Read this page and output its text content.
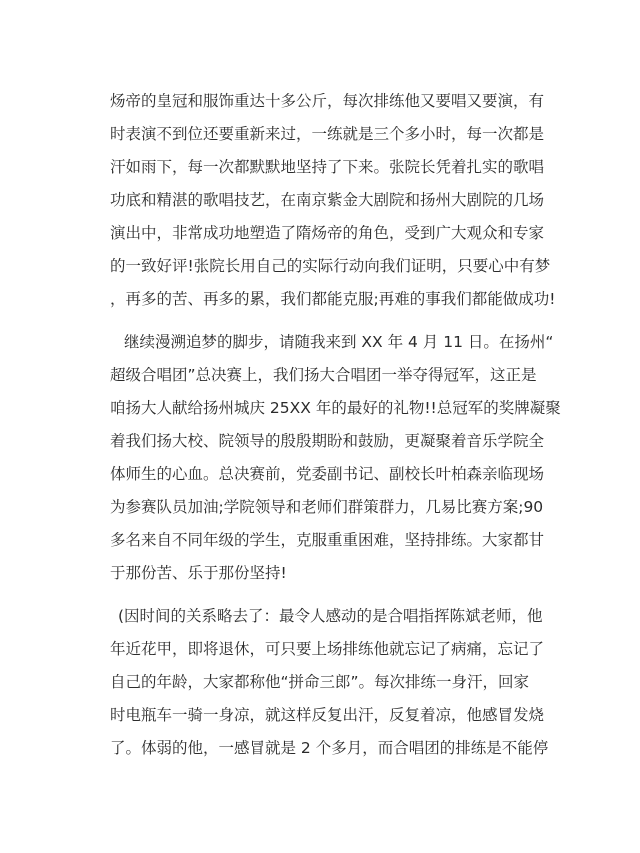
炀帝的皇冠和服饰重达十多公斤，每次排练他又要唱又要演，有
时表演不到位还要重新来过，一练就是三个多小时，每一次都是
汗如雨下，每一次都默默地坚持了下来。张院长凭着扎实的歌唱
功底和精湛的歌唱技艺，在南京紫金大剧院和扬州大剧院的几场
演出中，非常成功地塑造了隋炀帝的角色，受到广大观众和专家
的一致好评!张院长用自己的实际行动向我们证明，只要心中有梦
，再多的苦、再多的累，我们都能克服;再难的事我们都能做成功!
继续漫溯追梦的脚步，请随我来到 XX 年 4 月 11 日。在扬州“
超级合唱团”总决赛上，我们扬大合唱团一举夺得冠军，这正是
咱扬大人献给扬州城庆 25XX 年的最好的礼物!!总冠军的奖牌凝聚
着我们扬大校、院领导的殷殷期盼和鼓励，更凝聚着音乐学院全
体师生的心血。总决赛前，党委副书记、副校长叶柏森亲临现场
为参赛队员加油;学院领导和老师们群策群力，几易比赛方案;90
多名来自不同年级的学生，克服重重困难，坚持排练。大家都甘
于那份苦、乐于那份坚持!
(因时间的关系略去了：最令人感动的是合唱指挥陈斌老师，他
年近花甲，即将退休，可只要上场排练他就忘记了病痛，忘记了
自己的年龄，大家都称他“拼命三郎”。每次排练一身汗，回家
时电瓶车一骑一身凉，就这样反复出汗，反复着凉，他感冒发烧
了。体弱的他，一感冒就是 2 个多月，而合唱团的排练是不能停
